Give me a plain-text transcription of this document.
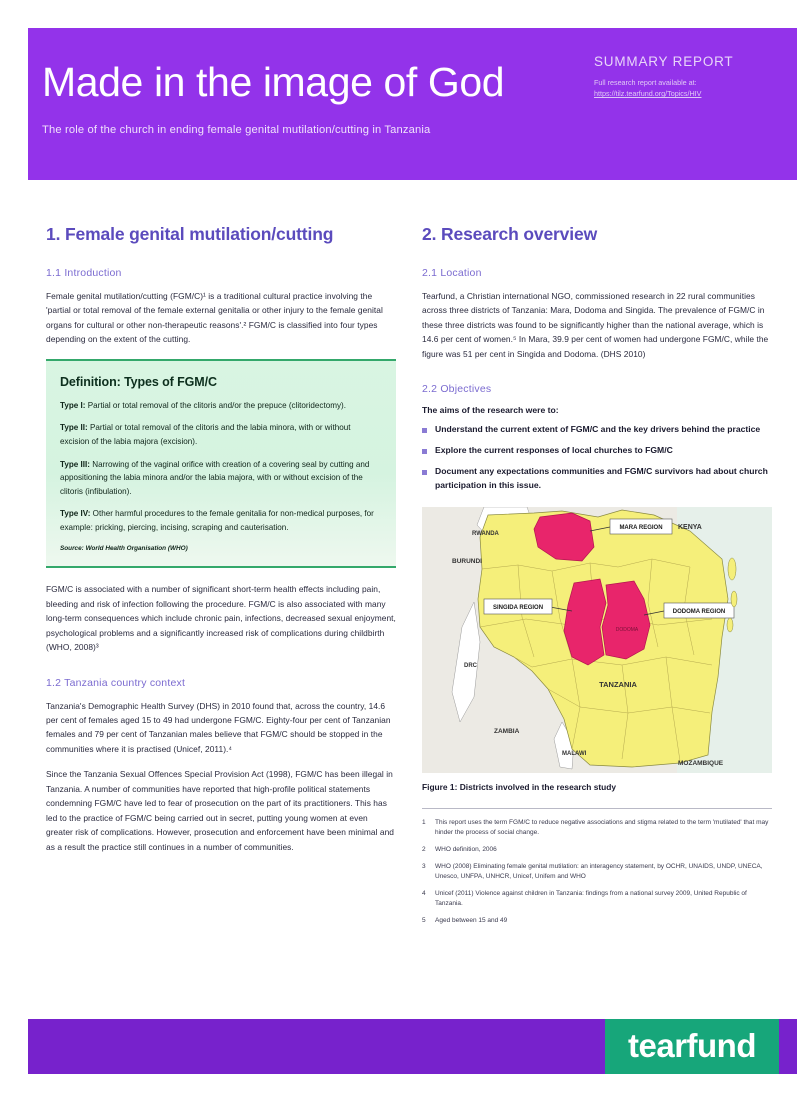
Made in the image of God
The role of the church in ending female genital mutilation/cutting in Tanzania
SUMMARY REPORT
Full research report available at:
https://tilz.tearfund.org/Topics/HIV
1. Female genital mutilation/cutting
1.1 Introduction

Female genital mutilation/cutting (FGM/C)¹ is a traditional cultural practice involving the 'partial or total removal of the female external genitalia or other injury to the female genital organs for cultural or other non-therapeutic reasons'.² FGM/C is classified into four types depending on the extent of the cutting.

Definition: Types of FGM/C

Type I: Partial or total removal of the clitoris and/or the prepuce (clitoridectomy).

Type II: Partial or total removal of the clitoris and the labia minora, with or without excision of the labia majora (excision).

Type III: Narrowing of the vaginal orifice with creation of a covering seal by cutting and appositioning the labia minora and/or the labia majora, with or without excision of the clitoris (infibulation).

Type IV: Other harmful procedures to the female genitalia for non-medical purposes, for example: pricking, piercing, incising, scraping and cauterisation.

Source: World Health Organisation (WHO)

FGM/C is associated with a number of significant short-term health effects including pain, bleeding and risk of infection following the procedure. FGM/C is also associated with many long-term consequences which include chronic pain, infections, decreased sexual enjoyment, psychological problems and a significantly increased risk of complications during childbirth (WHO, 2008)³

1.2 Tanzania country context

Tanzania's Demographic Health Survey (DHS) in 2010 found that, across the country, 14.6 per cent of females aged 15 to 49 had undergone FGM/C. Eighty-four per cent of Tanzanian females and 79 per cent of Tanzanian males believe that FGM/C should be stopped in the communities where it is practised (Unicef, 2011).⁴

Since the Tanzania Sexual Offences Special Provision Act (1998), FGM/C has been illegal in Tanzania. A number of communities have reported that high-profile political statements condemning FGM/C have led to fear of prosecution on the part of its practitioners. This has led to the practice of FGM/C being carried out in secret, putting young women at even greater risk of complications. However, prosecution and enforcement have been minimal and as a result the practice still continues in a number of communities.

2. Research overview
2.1 Location

Tearfund, a Christian international NGO, commissioned research in 22 rural communities across three districts of Tanzania: Mara, Dodoma and Singida. The prevalence of FGM/C in these three districts was found to be significantly higher than the national average, which is 14.6 per cent of women.⁵ In Mara, 39.9 per cent of women had undergone FGM/C, while the figure was 51 per cent in Singida and Dodoma. (DHS 2010)

2.2 Objectives
The aims of the research were to:
Understand the current extent of FGM/C and the key drivers behind the practice
Explore the current responses of local churches to FGM/C
Document any expectations communities and FGM/C survivors had about church participation in this issue.
MARA REGION
SINGIDA REGION
DODOMA REGION
DODOMA
RWANDA
BURUNDI
KENYA
DRC
TANZANIA
ZAMBIA
MALAWI
MOZAMBIQUE
Figure 1: Districts involved in the research study
1	This report uses the term FGM/C to reduce negative associations and stigma related to the term 'mutilated' that may hinder the process of social change.
2	WHO definition, 2006
3	WHO (2008) Eliminating female genital mutilation: an interagency statement, by OCHR, UNAIDS, UNDP, UNECA, Unesco, UNFPA, UNHCR, Unicef, Unifem and WHO
4	Unicef (2011) Violence against children in Tanzania: findings from a national survey 2009, United Republic of Tanzania.
5	Aged between 15 and 49
tearfund
